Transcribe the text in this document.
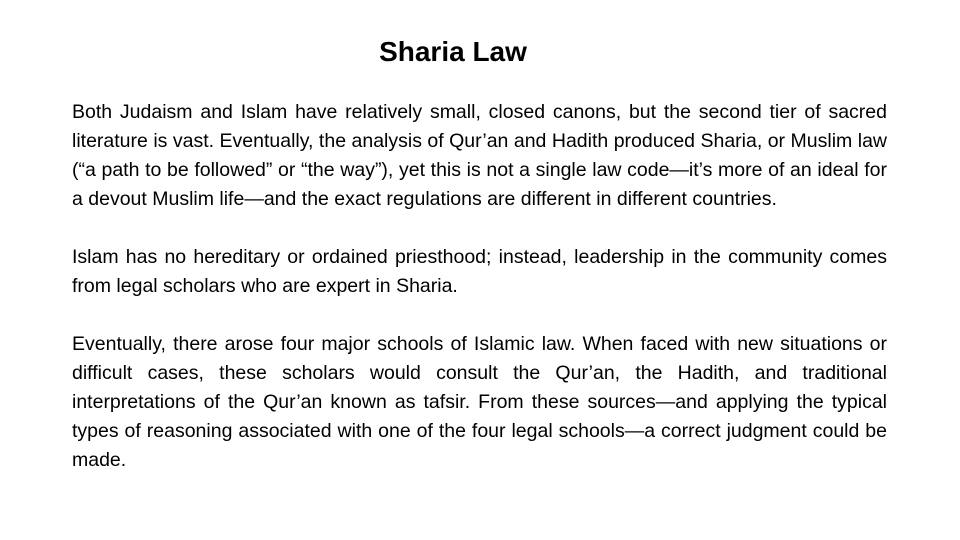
Sharia Law

Both Judaism and Islam have relatively small, closed canons, but the second tier of sacred literature is vast. Eventually, the analysis of Qur’an and Hadith produced Sharia, or Muslim law (“a path to be followed” or “the way”), yet this is not a single law code—it’s more of an ideal for a devout Muslim life—and the exact regulations are different in different countries.

Islam has no hereditary or ordained priesthood; instead, leadership in the community comes from legal scholars who are expert in Sharia.

Eventually, there arose four major schools of Islamic law. When faced with new situations or difficult cases, these scholars would consult the Qur’an, the Hadith, and traditional interpretations of the Qur’an known as tafsir. From these sources—and applying the typical types of reasoning associated with one of the four legal schools—a correct judgment could be made.
